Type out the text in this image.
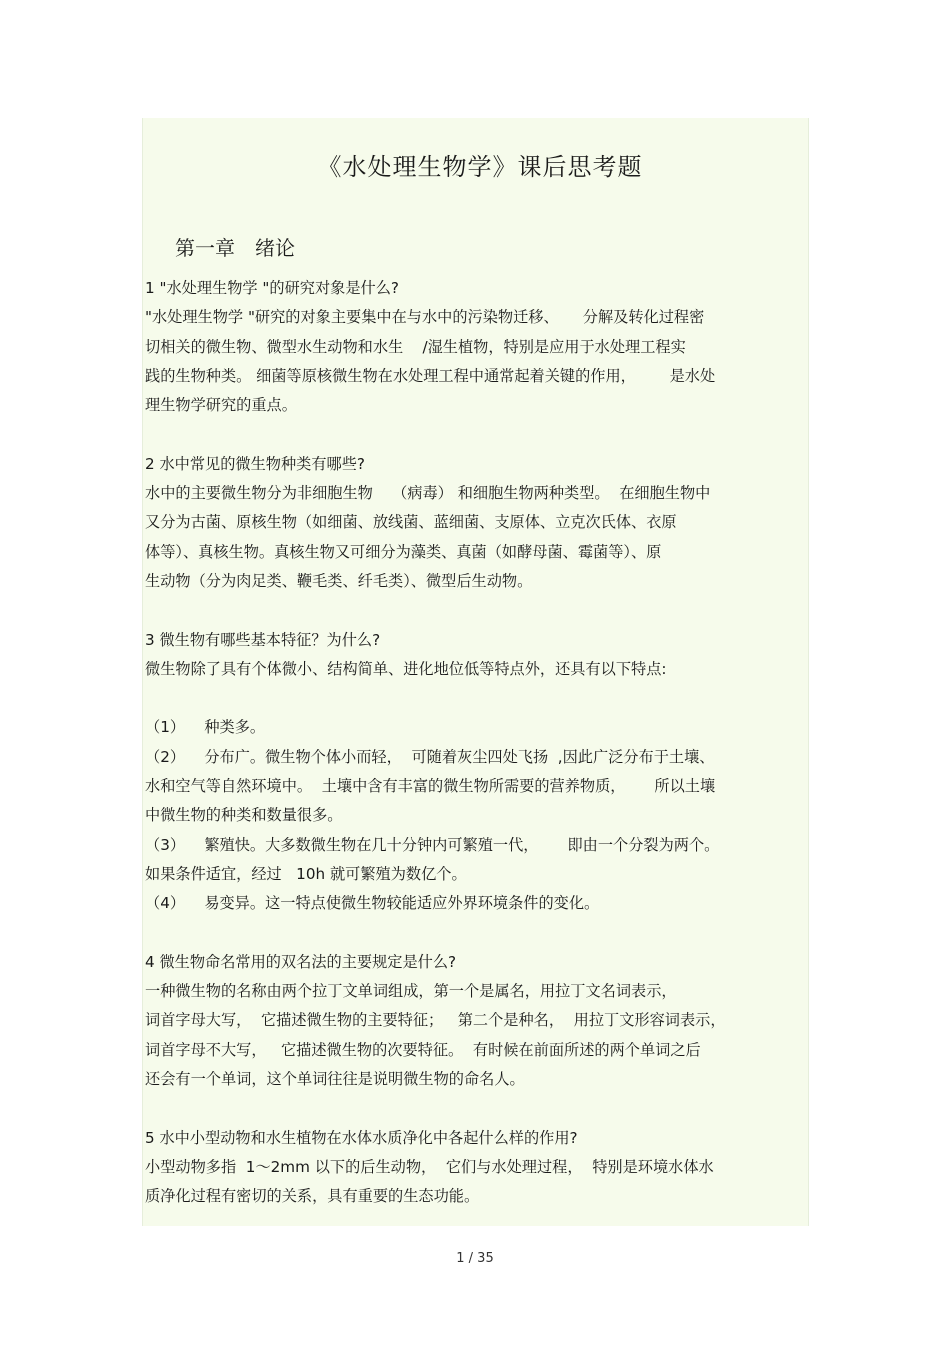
《水处理生物学》课后思考题
第一章　绪论
1 "水处理生物学 "的研究对象是什么?
"水处理生物学 "研究的对象主要集中在与水中的污染物迁移、     分解及转化过程密
切相关的微生物、微型水生动物和水生    /湿生植物，特别是应用于水处理工程实
践的生物种类。 细菌等原核微生物在水处理工程中通常起着关键的作用，       是水处
理生物学研究的重点。
2 水中常见的微生物种类有哪些?
水中的主要微生物分为非细胞生物    （病毒） 和细胞生物两种类型。  在细胞生物中
又分为古菌、原核生物（如细菌、放线菌、蓝细菌、支原体、立克次氏体、衣原
体等）、真核生物。真核生物又可细分为藻类、真菌（如酵母菌、霉菌等）、原
生动物（分为肉足类、鞭毛类、纤毛类）、微型后生动物。
3 微生物有哪些基本特征？为什么?
微生物除了具有个体微小、结构简单、进化地位低等特点外，还具有以下特点:
（1）    种类多。
（2）    分布广。微生物个体小而轻，  可随着灰尘四处飞扬  ,因此广泛分布于土壤、
水和空气等自然环境中。  土壤中含有丰富的微生物所需要的营养物质，      所以土壤
中微生物的种类和数量很多。
（3）    繁殖快。大多数微生物在几十分钟内可繁殖一代，      即由一个分裂为两个。
如果条件适宜，经过   10h 就可繁殖为数亿个。
（4）    易变异。这一特点使微生物较能适应外界环境条件的变化。
4 微生物命名常用的双名法的主要规定是什么?
一种微生物的名称由两个拉丁文单词组成，第一个是属名，用拉丁文名词表示，
词首字母大写，  它描述微生物的主要特征；   第二个是种名，  用拉丁文形容词表示，
词首字母不大写，   它描述微生物的次要特征。  有时候在前面所述的两个单词之后
还会有一个单词，这个单词往往是说明微生物的命名人。
5 水中小型动物和水生植物在水体水质净化中各起什么样的作用?
小型动物多指  1～2mm 以下的后生动物，  它们与水处理过程，  特别是环境水体水
质净化过程有密切的关系，具有重要的生态功能。
1 / 35
